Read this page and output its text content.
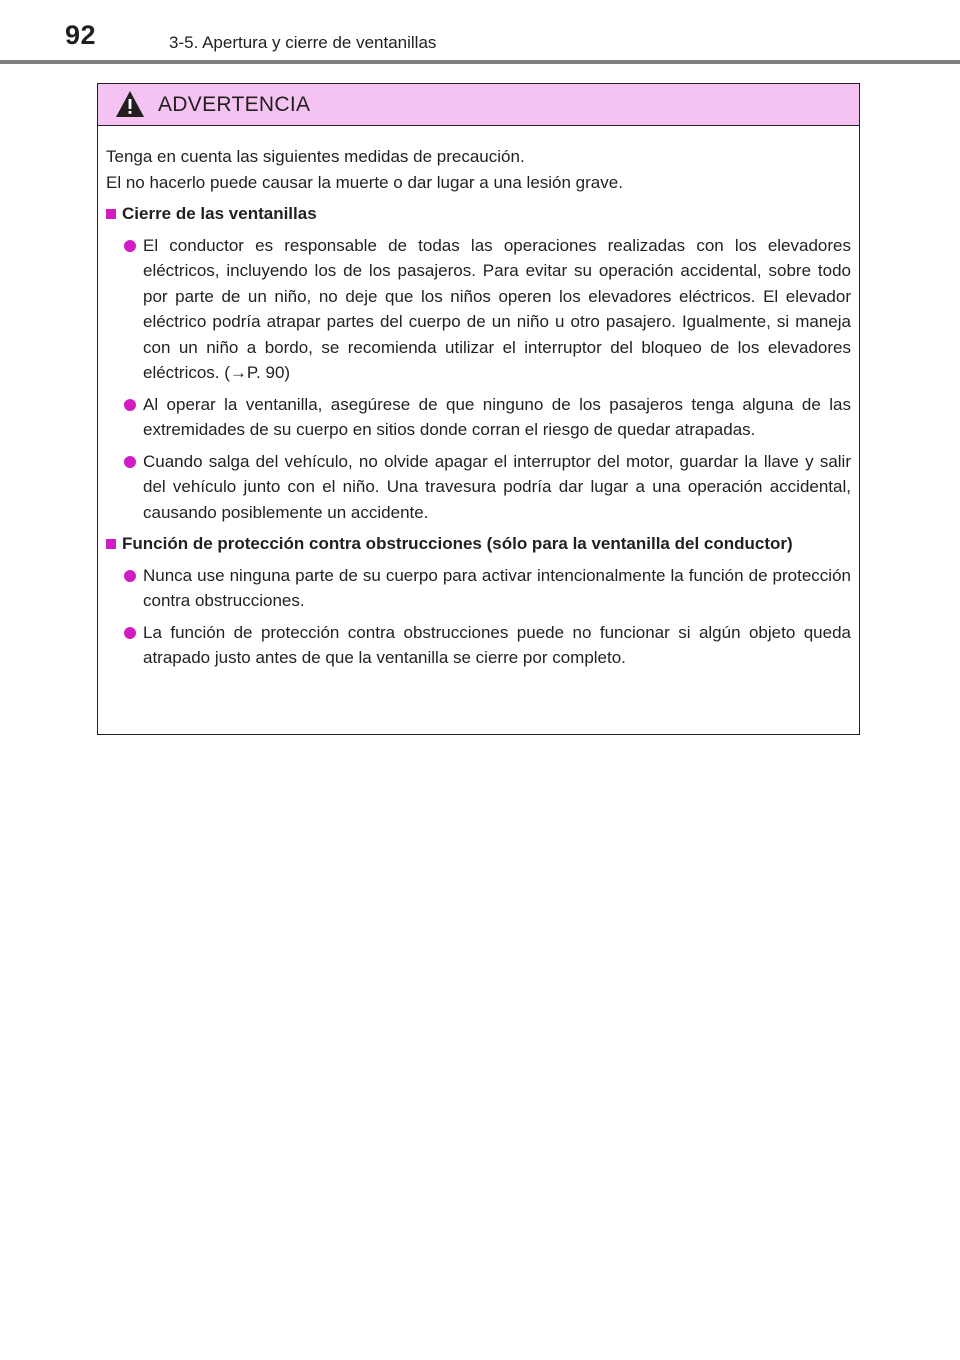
92	3-5. Apertura y cierre de ventanillas
ADVERTENCIA
Tenga en cuenta las siguientes medidas de precaución.
El no hacerlo puede causar la muerte o dar lugar a una lesión grave.
Cierre de las ventanillas
El conductor es responsable de todas las operaciones realizadas con los elevadores eléctricos, incluyendo los de los pasajeros. Para evitar su operación accidental, sobre todo por parte de un niño, no deje que los niños operen los elevadores eléctricos. El elevador eléctrico podría atrapar partes del cuerpo de un niño u otro pasajero. Igualmente, si maneja con un niño a bordo, se recomienda utilizar el interruptor del bloqueo de los elevadores eléctricos. (→P. 90)
Al operar la ventanilla, asegúrese de que ninguno de los pasajeros tenga alguna de las extremidades de su cuerpo en sitios donde corran el riesgo de quedar atrapadas.
Cuando salga del vehículo, no olvide apagar el interruptor del motor, guardar la llave y salir del vehículo junto con el niño. Una travesura podría dar lugar a una operación accidental, causando posiblemente un accidente.
Función de protección contra obstrucciones (sólo para la ventanilla del conductor)
Nunca use ninguna parte de su cuerpo para activar intencionalmente la función de protección contra obstrucciones.
La función de protección contra obstrucciones puede no funcionar si algún objeto queda atrapado justo antes de que la ventanilla se cierre por completo.
